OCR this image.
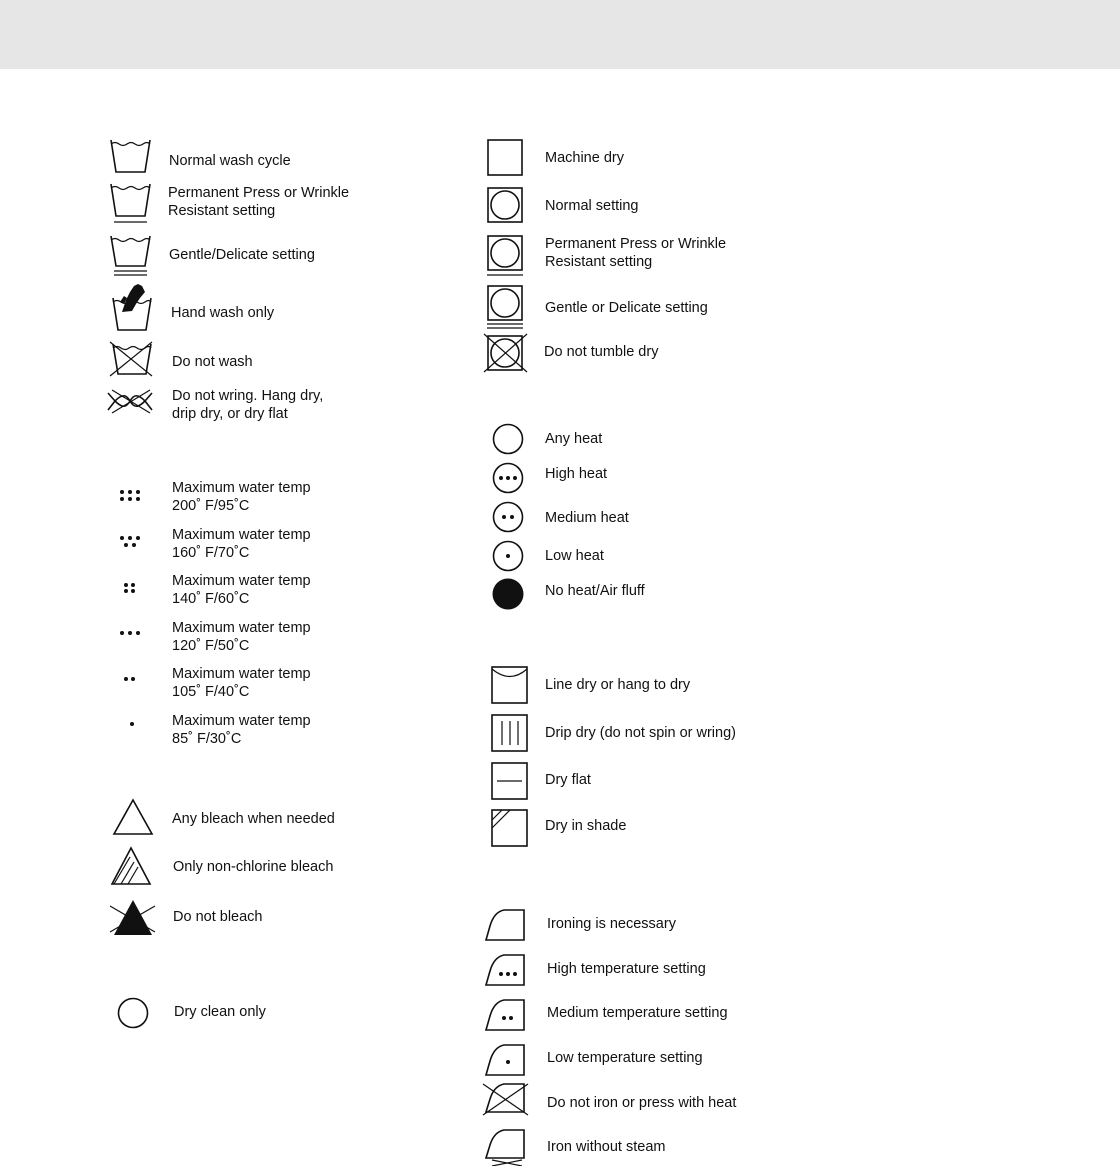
Normal wash cycle
Permanent Press or Wrinkle
Resistant setting
Gentle/Delicate setting
Hand wash only
Do not wash
Do not wring. Hang dry,
drip dry, or dry flat
Maximum water temp
200˚ F/95˚C
Maximum water temp
160˚ F/70˚C
Maximum water temp
140˚ F/60˚C
Maximum water temp
120˚ F/50˚C
Maximum water temp
105˚ F/40˚C
Maximum water temp
85˚ F/30˚C
Any bleach when needed
Only non-chlorine bleach
Do not bleach
Dry clean only
Machine dry
Normal setting
Permanent Press or Wrinkle
Resistant setting
Gentle or Delicate setting
Do not tumble dry
Any heat
High heat
Medium heat
Low heat
No heat/Air fluff
Line dry or hang to dry
Drip dry (do not spin or wring)
Dry flat
Dry in shade
Ironing is necessary
High temperature setting
Medium temperature setting
Low temperature setting
Do not iron or press with heat
Iron without steam
